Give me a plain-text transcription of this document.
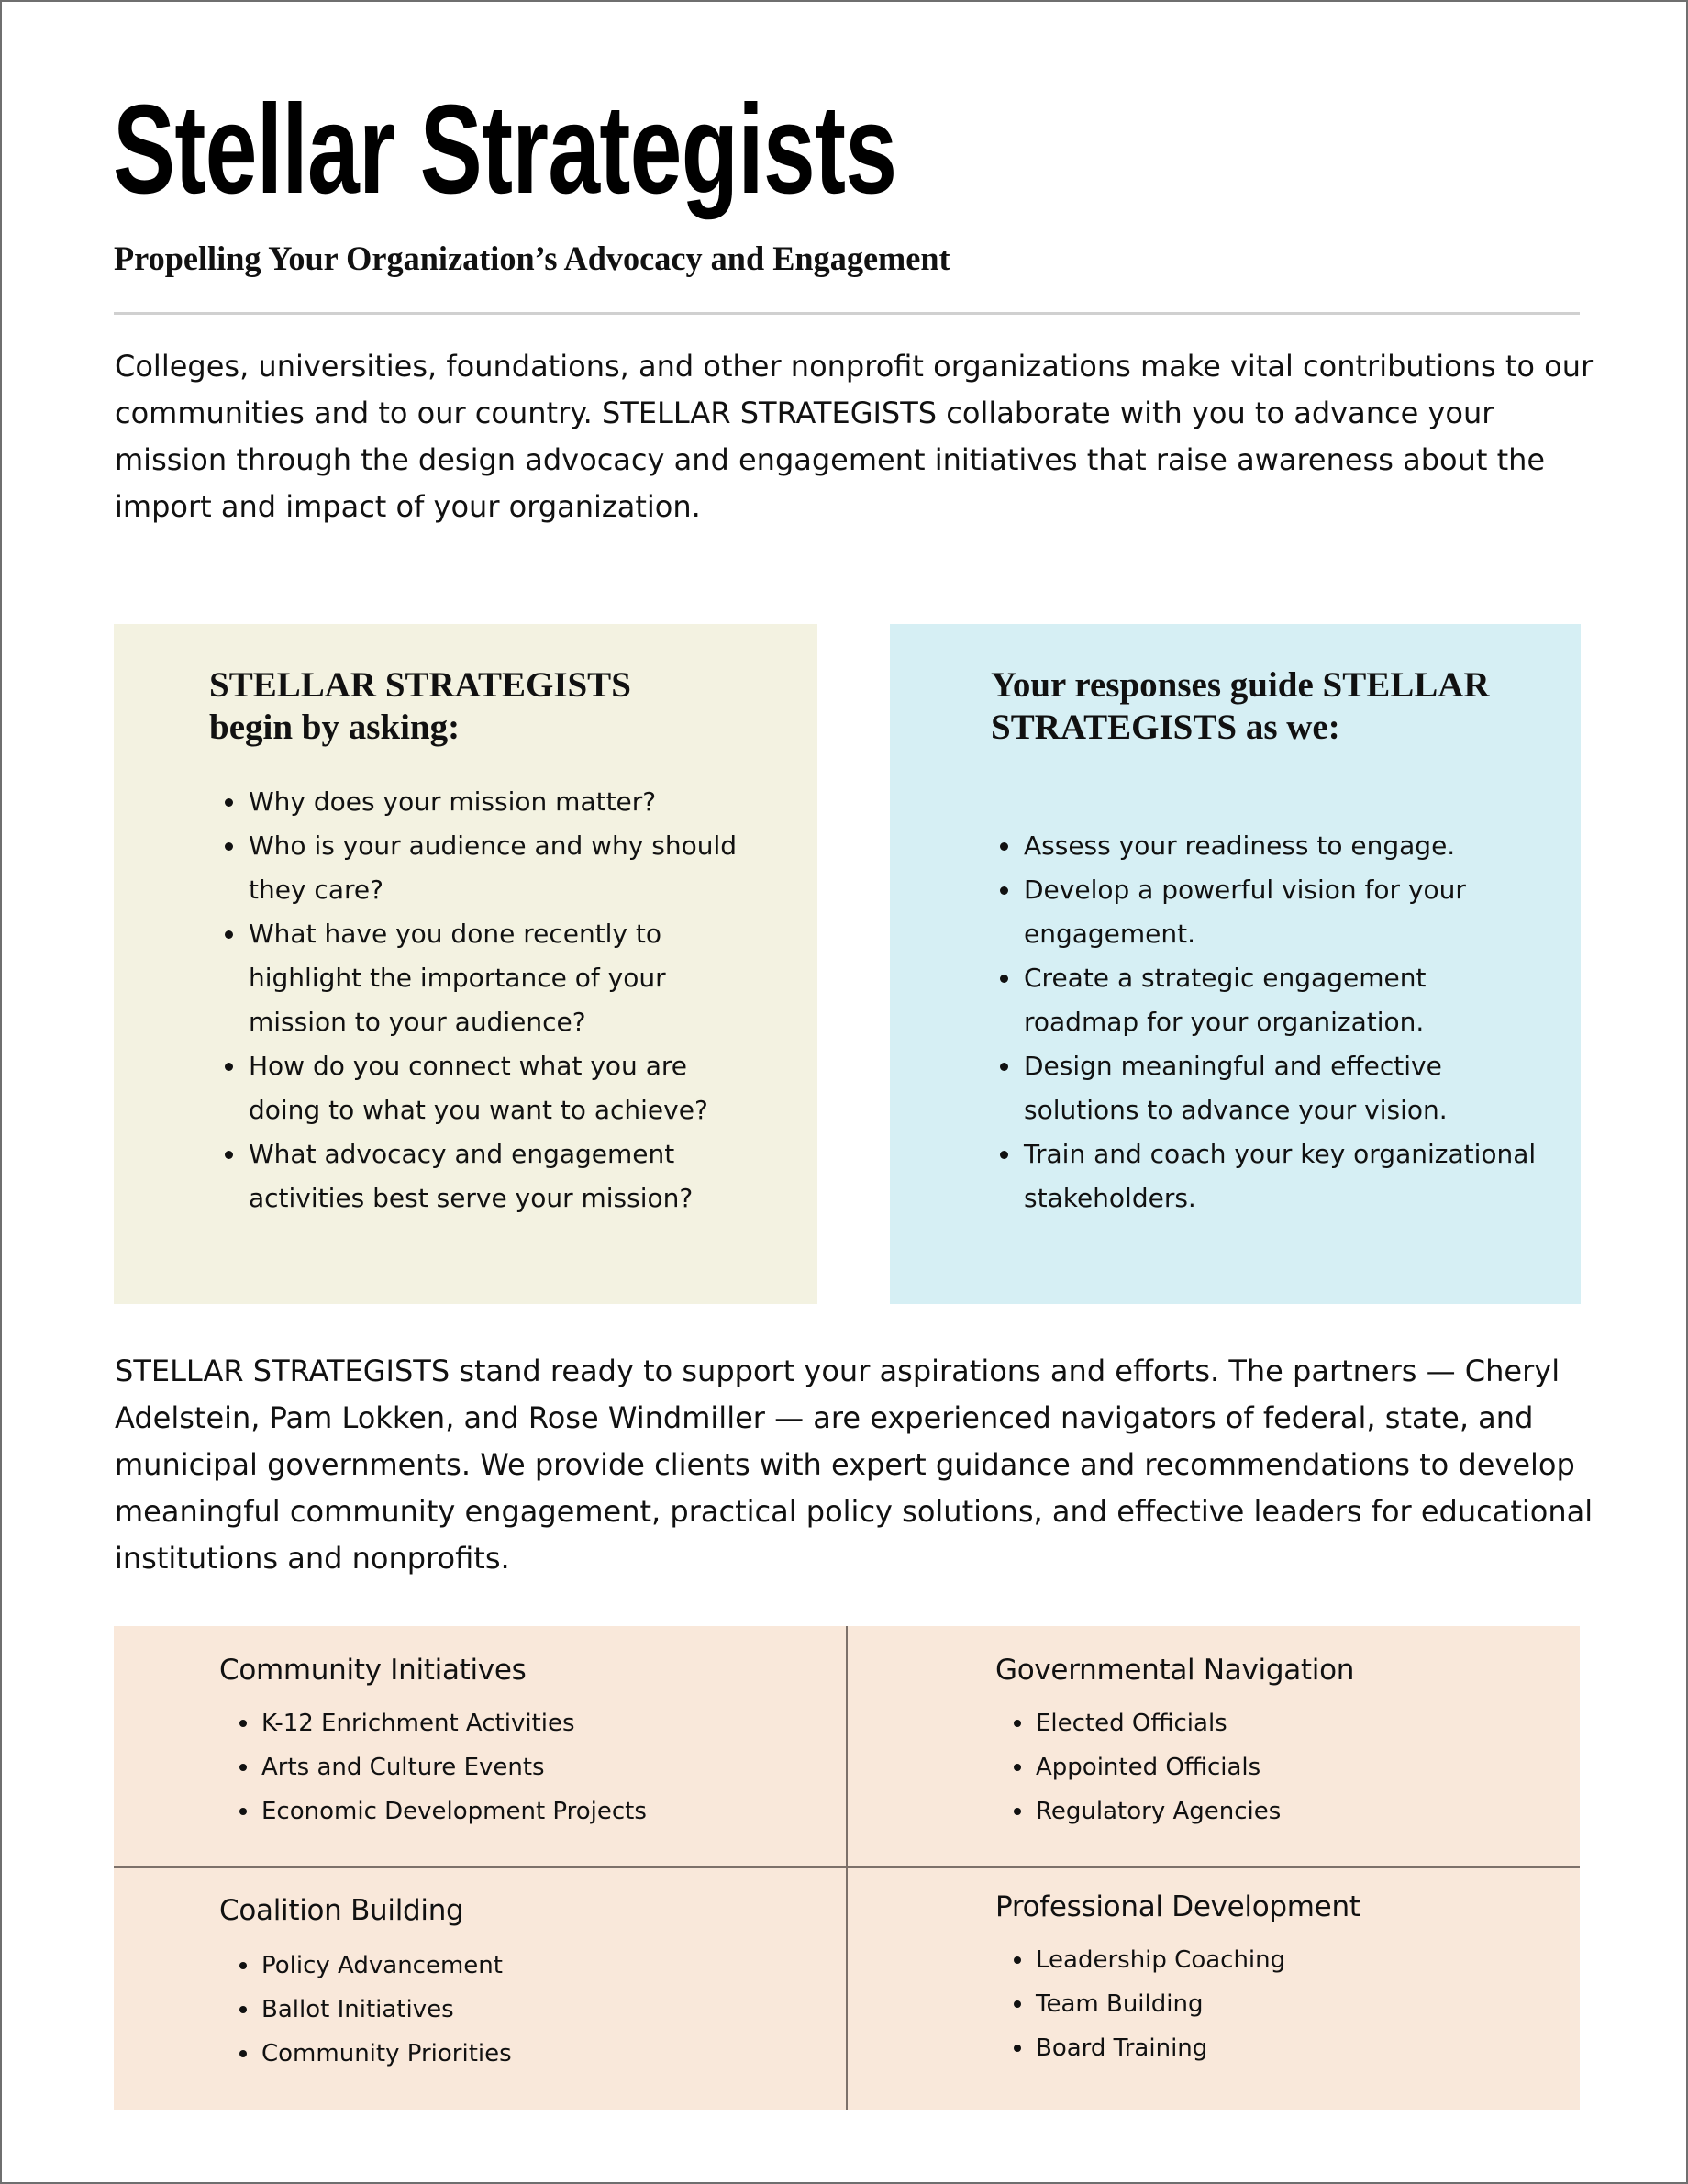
Stellar Strategists
Propelling Your Organization’s Advocacy and Engagement

Colleges, universities, foundations, and other nonprofit organizations make vital contributions to our communities and to our country. STELLAR STRATEGISTS collaborate with you to advance your mission through the design advocacy and engagement initiatives that raise awareness about the import and impact of your organization.

STELLAR STRATEGISTS
begin by asking:
Why does your mission matter?
Who is your audience and why should they care?
What have you done recently to highlight the importance of your mission to your audience?
How do you connect what you are doing to what you want to achieve?
What advocacy and engagement activities best serve your mission?
Your responses guide STELLAR STRATEGISTS as we:
Assess your readiness to engage.
Develop a powerful vision for your engagement.
Create a strategic engagement roadmap for your organization.
Design meaningful and effective solutions to advance your vision.
Train and coach your key organizational stakeholders.

STELLAR STRATEGISTS stand ready to support your aspirations and efforts. The partners — Cheryl Adelstein, Pam Lokken, and Rose Windmiller — are experienced navigators of federal, state, and municipal governments. We provide clients with expert guidance and recommendations to develop meaningful community engagement, practical policy solutions, and effective leaders for educational institutions and nonprofits.

Community Initiatives
K-12 Enrichment Activities
Arts and Culture Events
Economic Development Projects
Governmental Navigation
Elected Officials
Appointed Officials
Regulatory Agencies
Coalition Building
Policy Advancement
Ballot Initiatives
Community Priorities
Professional Development
Leadership Coaching
Team Building
Board Training
